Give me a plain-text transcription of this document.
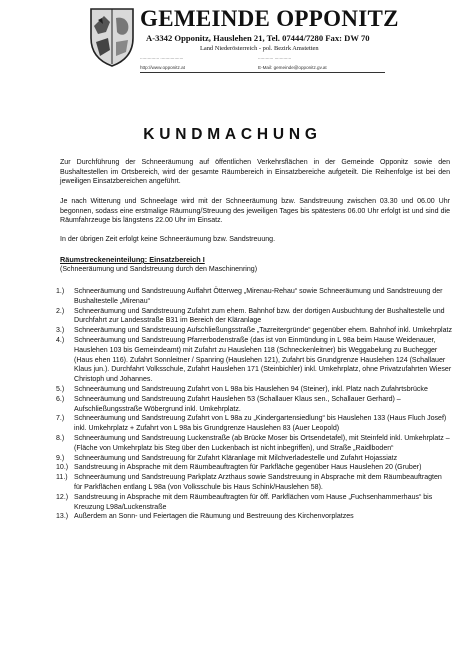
GEMEINDE OPPONITZ
A-3342 Opponitz, Hauslehen 21, Tel. 07444/7280 Fax: DW 70
Land Niederösterreich - pol. Bezirk Amstetten
............... ..................	............ .............
http://www.opponitz.at	E-Mail: gemeinde@opponitz.gv.at
KUNDMACHUNG

Zur Durchführung der Schneeräumung auf öffentlichen Verkehrsflächen in der Gemeinde Opponitz sowie den Bushaltestellen im Ortsbereich, wird der gesamte Räumbereich in Einsatzbereiche aufgeteilt. Die Reihenfolge ist bei den jeweiligen Einsatzbereichen angeführt.

Je nach Witterung und Schneelage wird mit der Schneeräumung bzw. Sandstreuung zwischen 03.30 und 06.00 Uhr begonnen, sodass eine erstmalige Räumung/Streuung des jeweiligen Tages bis spätestens 06.00 Uhr erfolgt ist und sind die Räumfahrzeuge bis längstens 22.00 Uhr im Einsatz.

In der übrigen Zeit erfolgt keine Schneeräumung bzw. Sandstreuung.

Räumstreckeneinteilung: Einsatzbereich I
(Schneeräumung und Sandstreuung durch den Maschinenring)
1.) Schneeräumung und Sandstreuung Auffahrt Ötterweg „Mirenau-Rehau“ sowie Schneeräumung und Sandstreuung der Bushaltestelle „Mirenau“
2.) Schneeräumung und Sandstreuung Zufahrt zum ehem. Bahnhof bzw. der dortigen Ausbuchtung der Bushaltestelle und Durchfahrt zur Landesstraße B31 im Bereich der Kläranlage
3.) Schneeräumung und Sandstreuung Aufschließungsstraße „Tazreitergründe“ gegenüber ehem. Bahnhof inkl. Umkehrplatz
4.) Schneeräumung und Sandstreuung Pfarrerbodenstraße (das ist von Einmündung in L 98a beim Hause Weidenauer, Hauslehen 103 bis Gemeindeamt) mit Zufahrt zu Hauslehen 118 (Schneckenleitner) bis Weggabelung zu Buchegger (Haus ehen 116). Zufahrt Sonnleitner / Spanring (Hauslehen 121), Zufahrt bis Grundgrenze Hauslehen 124 (Schallauer Klaus jun.). Durchfahrt Volksschule, Zufahrt Hauslehen 171 (Steinbichler) inkl. Umkehrplatz, ohne Privatzufahrten Wieser Christoph und Johannes.
5.) Schneeräumung und Sandstreuung Zufahrt von L 98a bis Hauslehen 94 (Steiner), inkl. Platz nach Zufahrtsbrücke
6.) Schneeräumung und Sandstreuung Zufahrt Hauslehen 53 (Schallauer Klaus sen., Schallauer Gerhard) – Aufschließungsstraße Wöbergrund inkl. Umkehrplatz.
7.) Schneeräumung und Sandstreuung Zufahrt von L 98a zu „Kindergartensiedlung“ bis Hauslehen 133 (Haus Fluch Josef) inkl. Umkehrplatz + Zufahrt von L 98a bis Grundgrenze Hauslehen 83 (Auer Leopold)
8.) Schneeräumung und Sandstreuung Luckenstraße (ab Brücke Moser bis Ortsendetafel), mit Steinfeld inkl. Umkehrplatz – (Fläche von Umkehrplatz bis Steg über den Luckenbach ist nicht inbegriffen), und Straße „Raidlboden“
9.) Schneeräumung und Sandstreuung für Zufahrt Kläranlage mit Milchverladestelle und Zufahrt Hojassiatz
10.) Sandstreuung in Absprache mit dem Räumbeauftragten für Parkfläche gegenüber Haus Hauslehen 20 (Gruber)
11.) Schneeräumung und Sandstreuung Parkplatz Arzthaus sowie Sandstreuung in Absprache mit dem Räumbeauftragten für Parkflächen entlang L 98a (von Volksschule bis Haus Schink/Hauslehen 58).
12.) Sandstreuung in Absprache mit dem Räumbeauftragten für öff. Parkflächen vom Hause „Fuchsenhammerhaus“ bis Kreuzung L98a/Luckenstraße
13.) Außerdem an Sonn- und Feiertagen die Räumung und Bestreuung des Kirchenvorplatzes
